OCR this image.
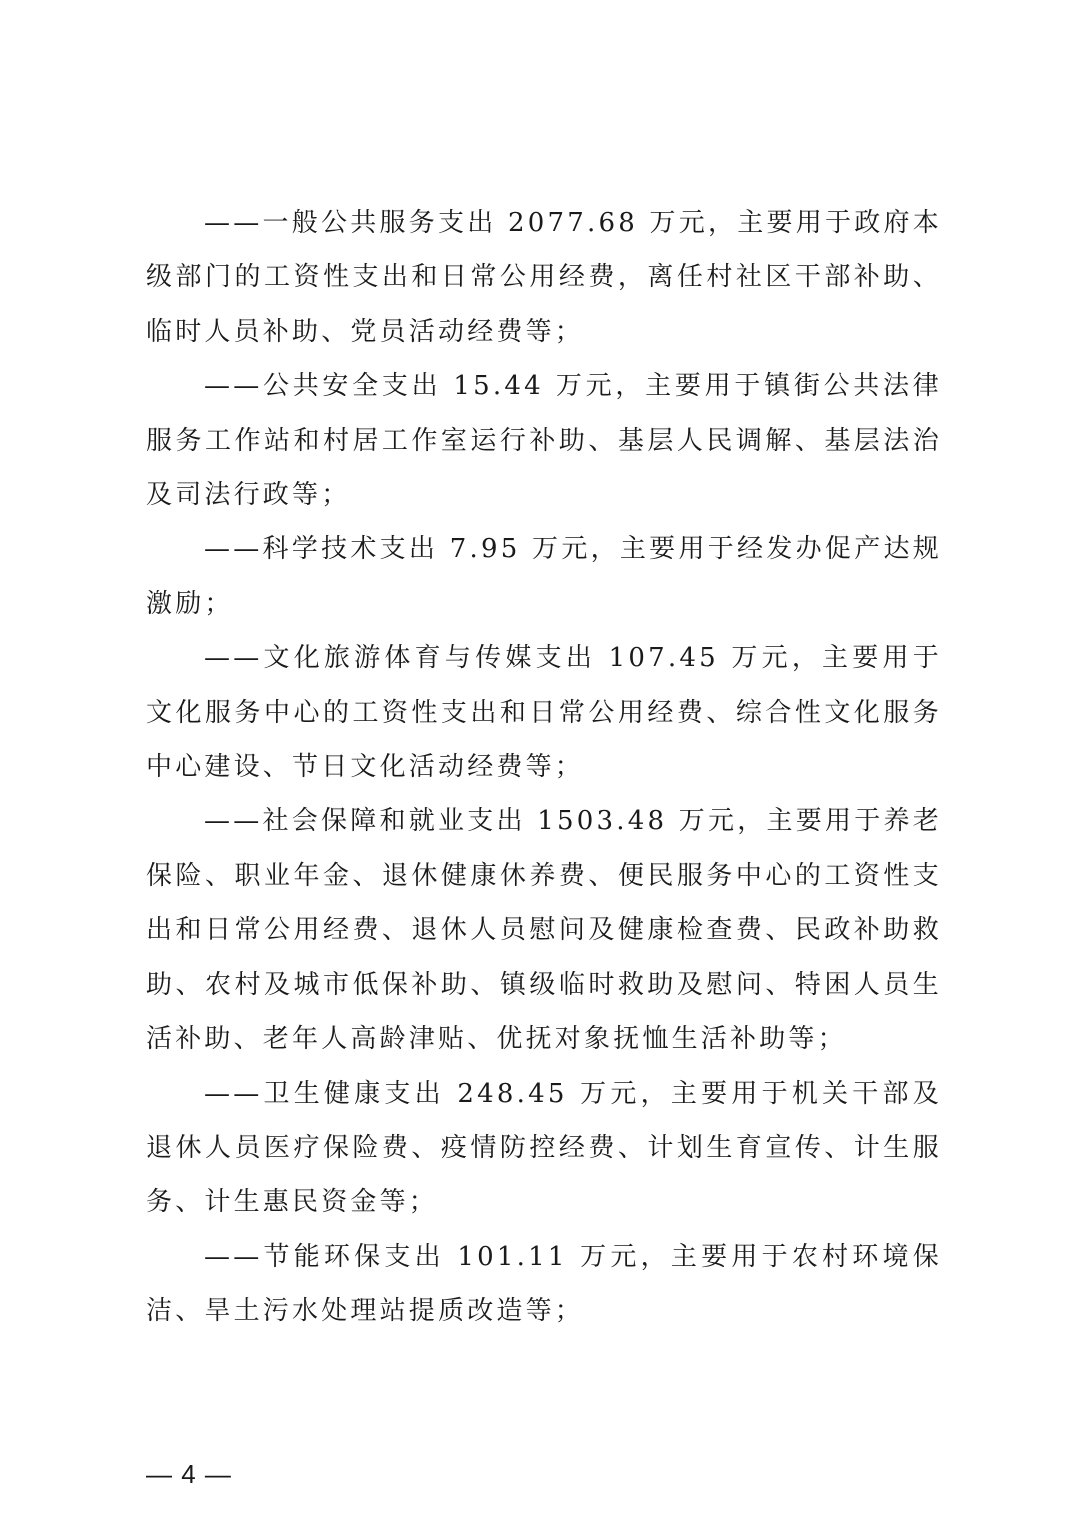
——一般公共服务支出 2077.68 万元，主要用于政府本级部门的工资性支出和日常公用经费，离任村社区干部补助、临时人员补助、党员活动经费等；

——公共安全支出 15.44 万元，主要用于镇街公共法律服务工作站和村居工作室运行补助、基层人民调解、基层法治及司法行政等；

——科学技术支出 7.95 万元，主要用于经发办促产达规激励；

——文化旅游体育与传媒支出 107.45 万元，主要用于文化服务中心的工资性支出和日常公用经费、综合性文化服务中心建设、节日文化活动经费等；

——社会保障和就业支出 1503.48 万元，主要用于养老保险、职业年金、退休健康休养费、便民服务中心的工资性支出和日常公用经费、退休人员慰问及健康检查费、民政补助救助、农村及城市低保补助、镇级临时救助及慰问、特困人员生活补助、老年人高龄津贴、优抚对象抚恤生活补助等；

——卫生健康支出 248.45 万元，主要用于机关干部及退休人员医疗保险费、疫情防控经费、计划生育宣传、计生服务、计生惠民资金等；

——节能环保支出 101.11 万元，主要用于农村环境保洁、旱土污水处理站提质改造等；

— 4 —
